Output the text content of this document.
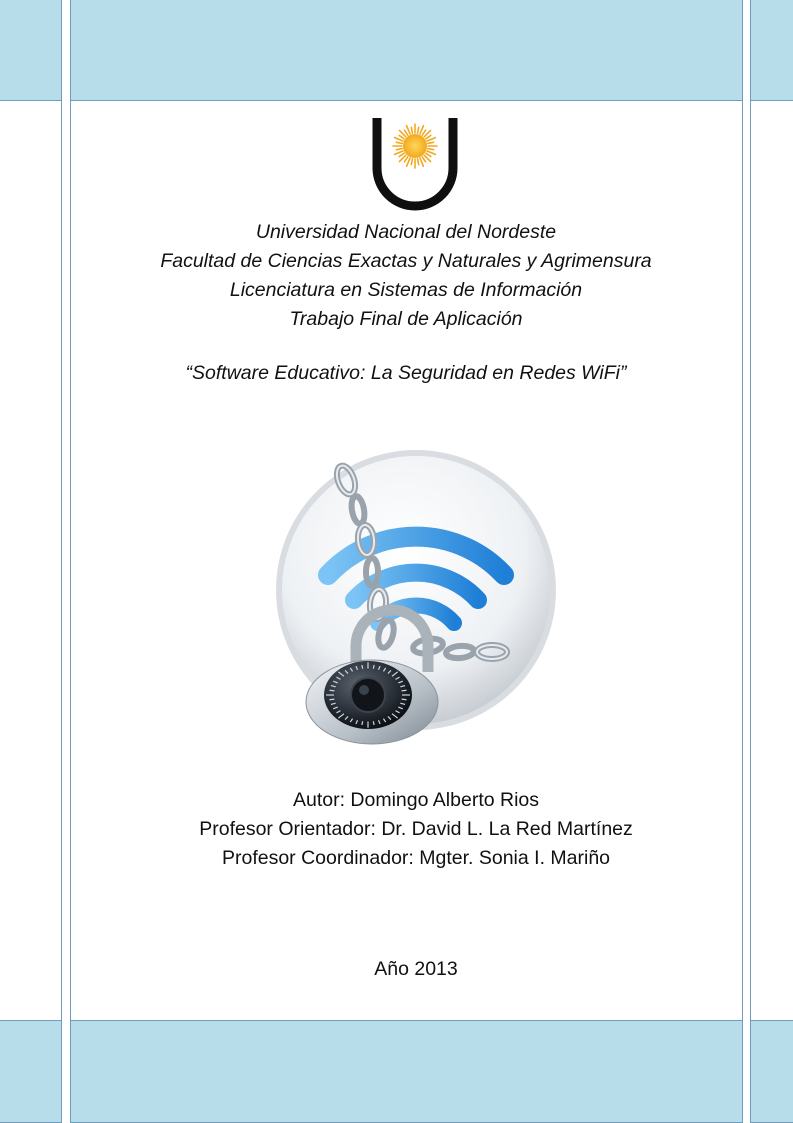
Universidad Nacional del Nordeste
Facultad de Ciencias Exactas y Naturales y Agrimensura
Licenciatura en Sistemas de Información
Trabajo Final de Aplicación
“Software Educativo: La Seguridad en Redes WiFi”
Autor: Domingo Alberto Rios
Profesor Orientador: Dr. David L. La Red Martínez
Profesor Coordinador: Mgter. Sonia I. Mariño
Año 2013
